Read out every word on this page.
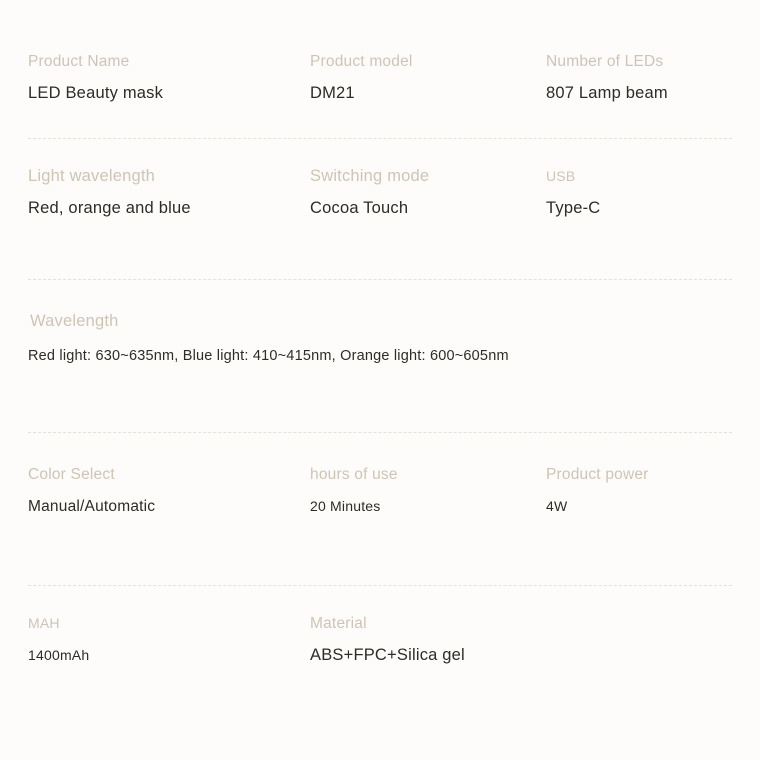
Product Name
LED Beauty mask
Product model
DM21
Number of LEDs
807 Lamp beam
Light wavelength
Red, orange and blue
Switching mode
Cocoa Touch
USB
Type-C
Wavelength
Red light: 630~635nm, Blue light: 410~415nm, Orange light: 600~605nm
Color Select
Manual/Automatic
hours of use
20 Minutes
Product power
4W
MAH
1400mAh
Material
ABS+FPC+Silica gel
